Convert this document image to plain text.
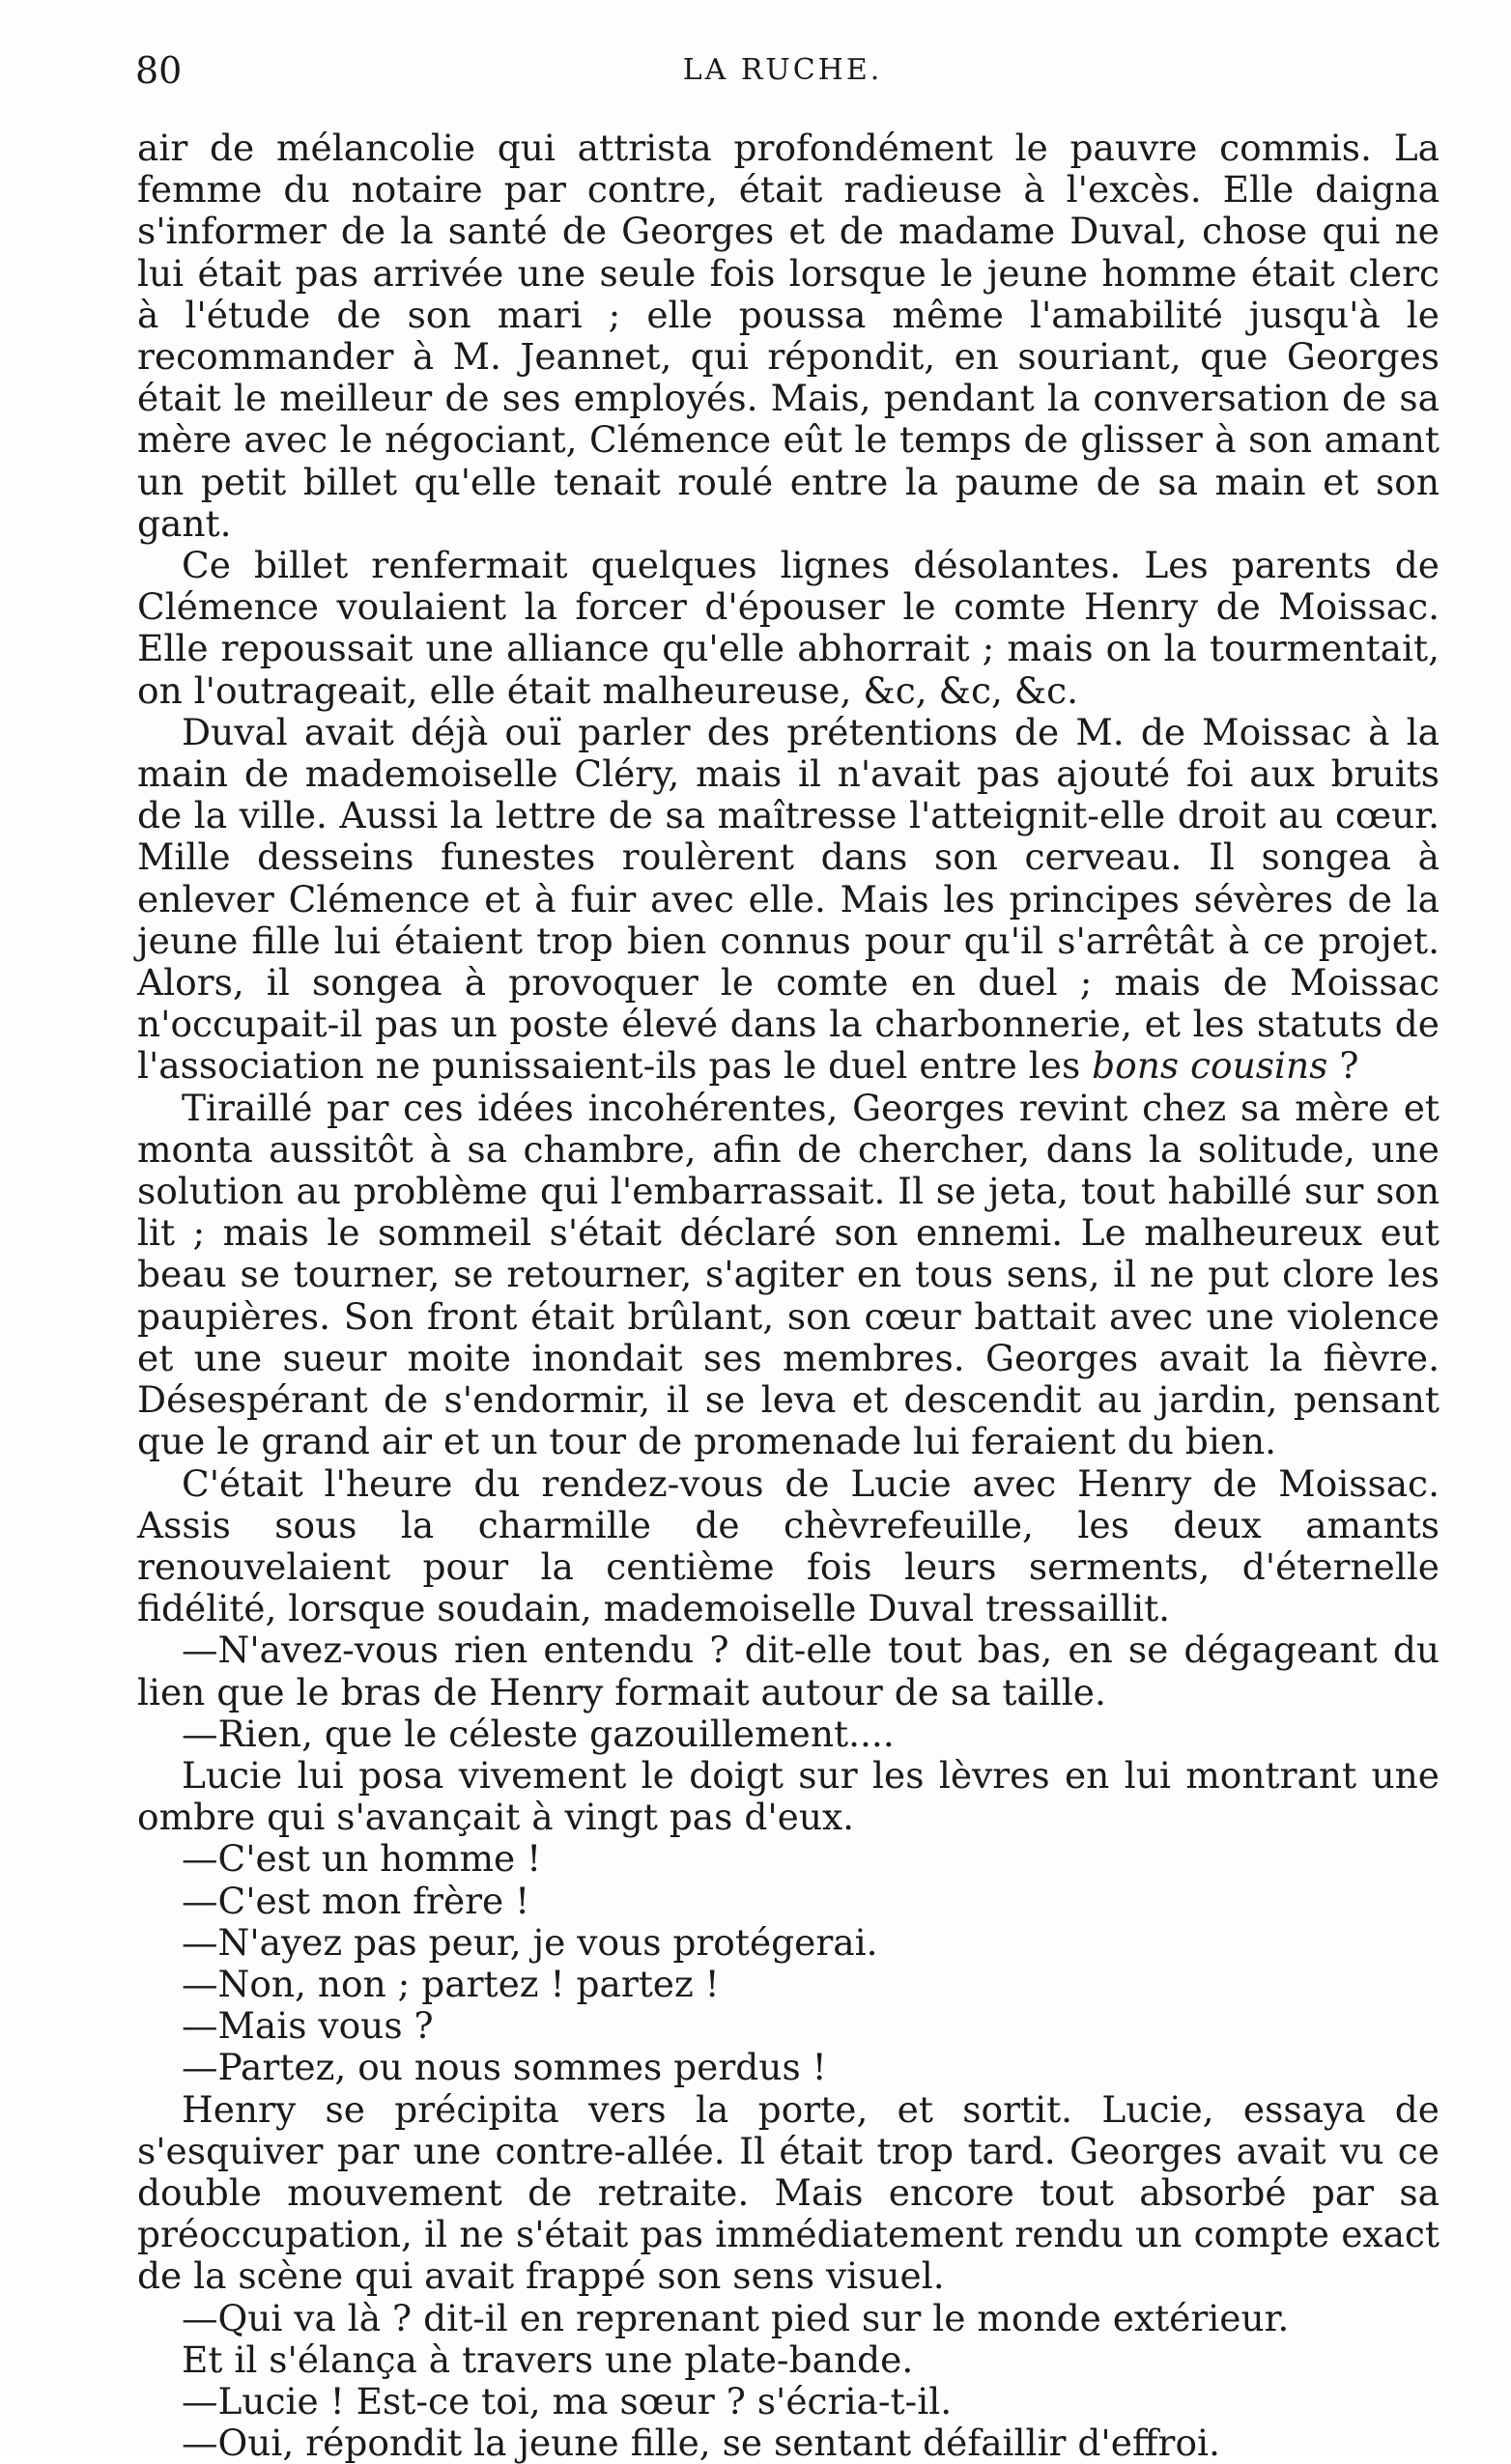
80	LA RUCHE.

air de mélancolie qui attrista profondément le pauvre commis. La femme du notaire par contre, était radieuse à l'excès. Elle daigna s'informer de la santé de Georges et de madame Duval, chose qui ne lui était pas arrivée une seule fois lorsque le jeune homme était clerc à l'étude de son mari ; elle poussa même l'amabilité jusqu'à le recommander à M. Jeannet, qui répondit, en souriant, que Georges était le meilleur de ses employés. Mais, pendant la conversation de sa mère avec le négociant, Clémence eût le temps de glisser à son amant un petit billet qu'elle tenait roulé entre la paume de sa main et son gant.

Ce billet renfermait quelques lignes désolantes. Les parents de Clémence voulaient la forcer d'épouser le comte Henry de Moissac. Elle repoussait une alliance qu'elle abhorrait ; mais on la tourmentait, on l'outrageait, elle était malheureuse, &c, &c, &c.

Duval avait déjà ouï parler des prétentions de M. de Moissac à la main de mademoiselle Cléry, mais il n'avait pas ajouté foi aux bruits de la ville. Aussi la lettre de sa maîtresse l'atteignit-elle droit au cœur. Mille desseins funestes roulèrent dans son cerveau. Il songea à enlever Clémence et à fuir avec elle. Mais les principes sévères de la jeune fille lui étaient trop bien connus pour qu'il s'arrêtât à ce projet. Alors, il songea à provoquer le comte en duel ; mais de Moissac n'occupait-il pas un poste élevé dans la charbonnerie, et les statuts de l'association ne punissaient-ils pas le duel entre les bons cousins ?

Tiraillé par ces idées incohérentes, Georges revint chez sa mère et monta aussitôt à sa chambre, afin de chercher, dans la solitude, une solution au problème qui l'embarrassait. Il se jeta, tout habillé sur son lit ; mais le sommeil s'était déclaré son ennemi. Le malheureux eut beau se tourner, se retourner, s'agiter en tous sens, il ne put clore les paupières. Son front était brûlant, son cœur battait avec une violence et une sueur moite inondait ses membres. Georges avait la fièvre. Désespérant de s'endormir, il se leva et descendit au jardin, pensant que le grand air et un tour de promenade lui feraient du bien.

C'était l'heure du rendez-vous de Lucie avec Henry de Moissac. Assis sous la charmille de chèvrefeuille, les deux amants renouvelaient pour la centième fois leurs serments, d'éternelle fidélité, lorsque soudain, mademoiselle Duval tressaillit.

—N'avez-vous rien entendu ? dit-elle tout bas, en se dégageant du lien que le bras de Henry formait autour de sa taille.

—Rien, que le céleste gazouillement....

Lucie lui posa vivement le doigt sur les lèvres en lui montrant une ombre qui s'avançait à vingt pas d'eux.

—C'est un homme !

—C'est mon frère !

—N'ayez pas peur, je vous protégerai.

—Non, non ; partez ! partez !

—Mais vous ?

—Partez, ou nous sommes perdus !

Henry se précipita vers la porte, et sortit. Lucie, essaya de s'esquiver par une contre-allée. Il était trop tard. Georges avait vu ce double mouvement de retraite. Mais encore tout absorbé par sa préoccupation, il ne s'était pas immédiatement rendu un compte exact de la scène qui avait frappé son sens visuel.

—Qui va là ? dit-il en reprenant pied sur le monde extérieur.

Et il s'élança à travers une plate-bande.

—Lucie ! Est-ce toi, ma sœur ? s'écria-t-il.

—Oui, répondit la jeune fille, se sentant défaillir d'effroi.
